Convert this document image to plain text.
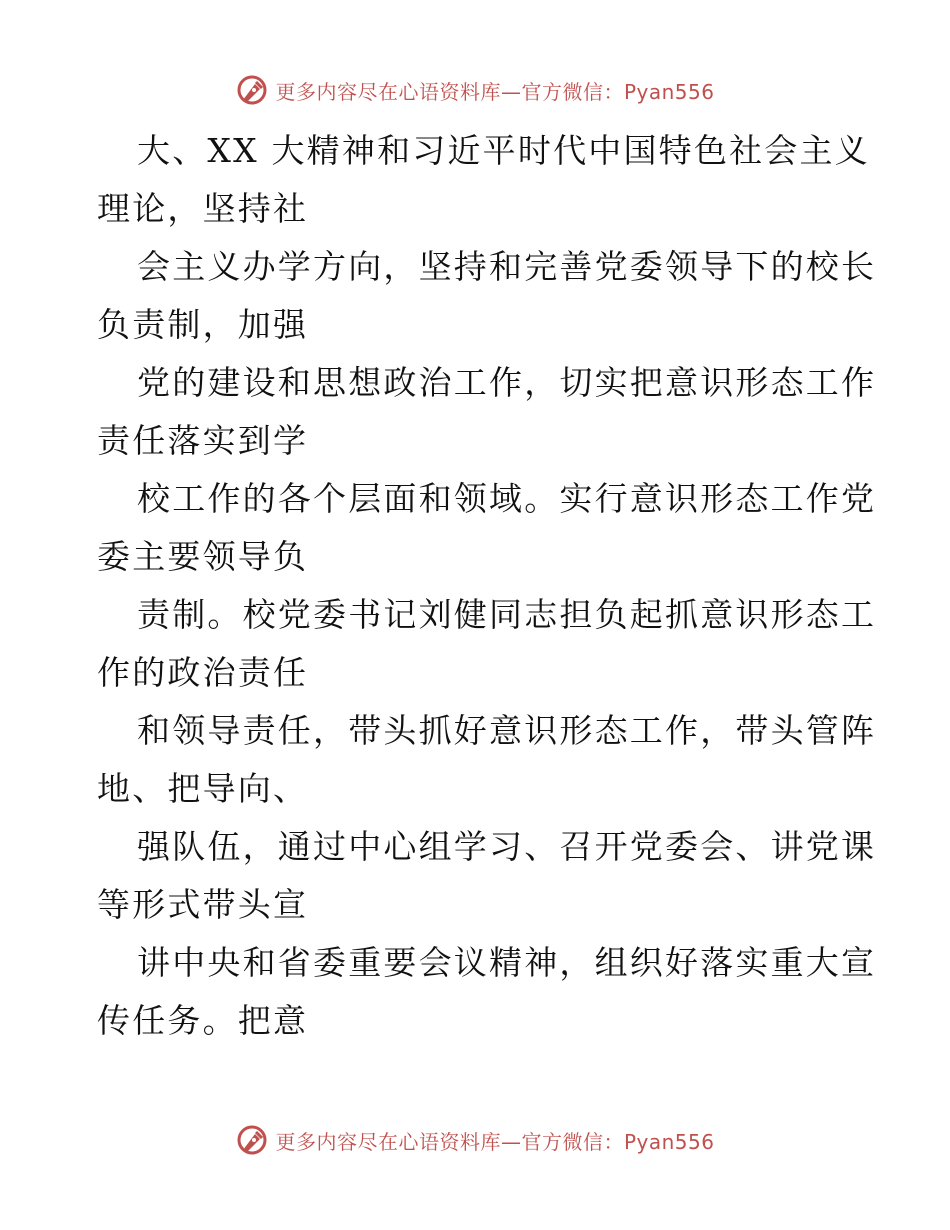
更多内容尽在心语资料库—官方微信：Pyan556

大、XX 大精神和习近平时代中国特色社会主义

理论，坚持社

会主义办学方向，坚持和完善党委领导下的校长

负责制，加强

党的建设和思想政治工作，切实把意识形态工作

责任落实到学

校工作的各个层面和领域。实行意识形态工作党

委主要领导负

责制。校党委书记刘健同志担负起抓意识形态工

作的政治责任

和领导责任，带头抓好意识形态工作，带头管阵

地、把导向、

强队伍，通过中心组学习、召开党委会、讲党课

等形式带头宣

讲中央和省委重要会议精神，组织好落实重大宣

传任务。把意

更多内容尽在心语资料库—官方微信：Pyan556
